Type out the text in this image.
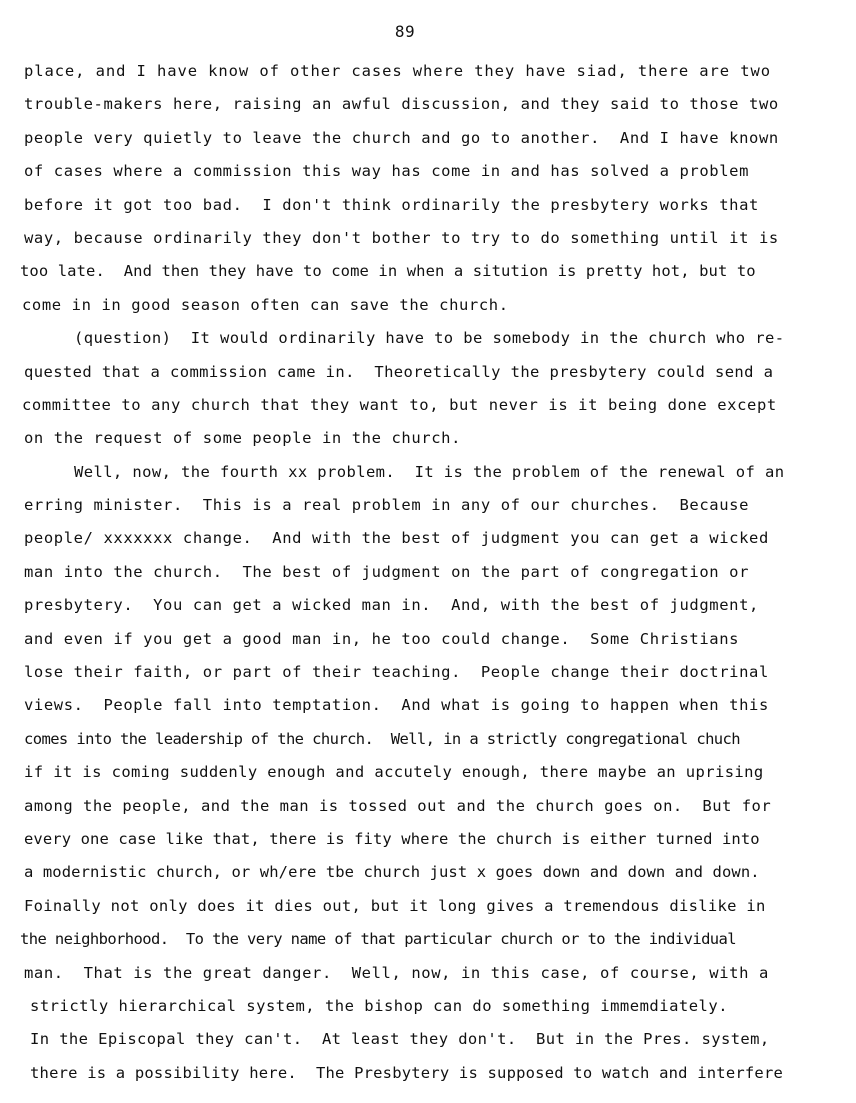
89
place, and I have know of other cases where they have siad, there are two
trouble-makers here, raising an awful discussion, and they said to those two
people very quietly to leave the church and go to another.  And I have known
of cases where a commission this way has come in and has solved a problem
before it got too bad.  I don't think ordinarily the presbytery works that
way, because ordinarily they don't bother to try to do something until it is
too late.  And then they have to come in when a sitution is pretty hot, but to
come in in good season often can save the church.
(question)  It would ordinarily have to be somebody in the church who re-
quested that a commission came in.  Theoretically the presbytery could send a
committee to any church that they want to, but never is it being done except
on the request of some people in the church.
Well, now, the fourth xx problem.  It is the problem of the renewal of an
erring minister.  This is a real problem in any of our churches.  Because
people/ xxxxxxx change.  And with the best of judgment you can get a wicked
man into the church.  The best of judgment on the part of congregation or
presbytery.  You can get a wicked man in.  And, with the best of judgment,
and even if you get a good man in, he too could change.  Some Christians
lose their faith, or part of their teaching.  People change their doctrinal
views.  People fall into temptation.  And what is going to happen when this
comes into the leadership of the church.  Well, in a strictly congregational chuch
if it is coming suddenly enough and accutely enough, there maybe an uprising
among the people, and the man is tossed out and the church goes on.  But for
every one case like that, there is fity where the church is either turned into
a modernistic church, or wh/ere tbe church just x goes down and down and down.
Foinally not only does it dies out, but it long gives a tremendous dislike in
the neighborhood.  To the very name of that particular church or to the individual
man.  That is the great danger.  Well, now, in this case, of course, with a
strictly hierarchical system, the bishop can do something immemdiately.
In the Episcopal they can't.  At least they don't.  But in the Pres. system,
there is a possibility here.  The Presbytery is supposed to watch and interfere
